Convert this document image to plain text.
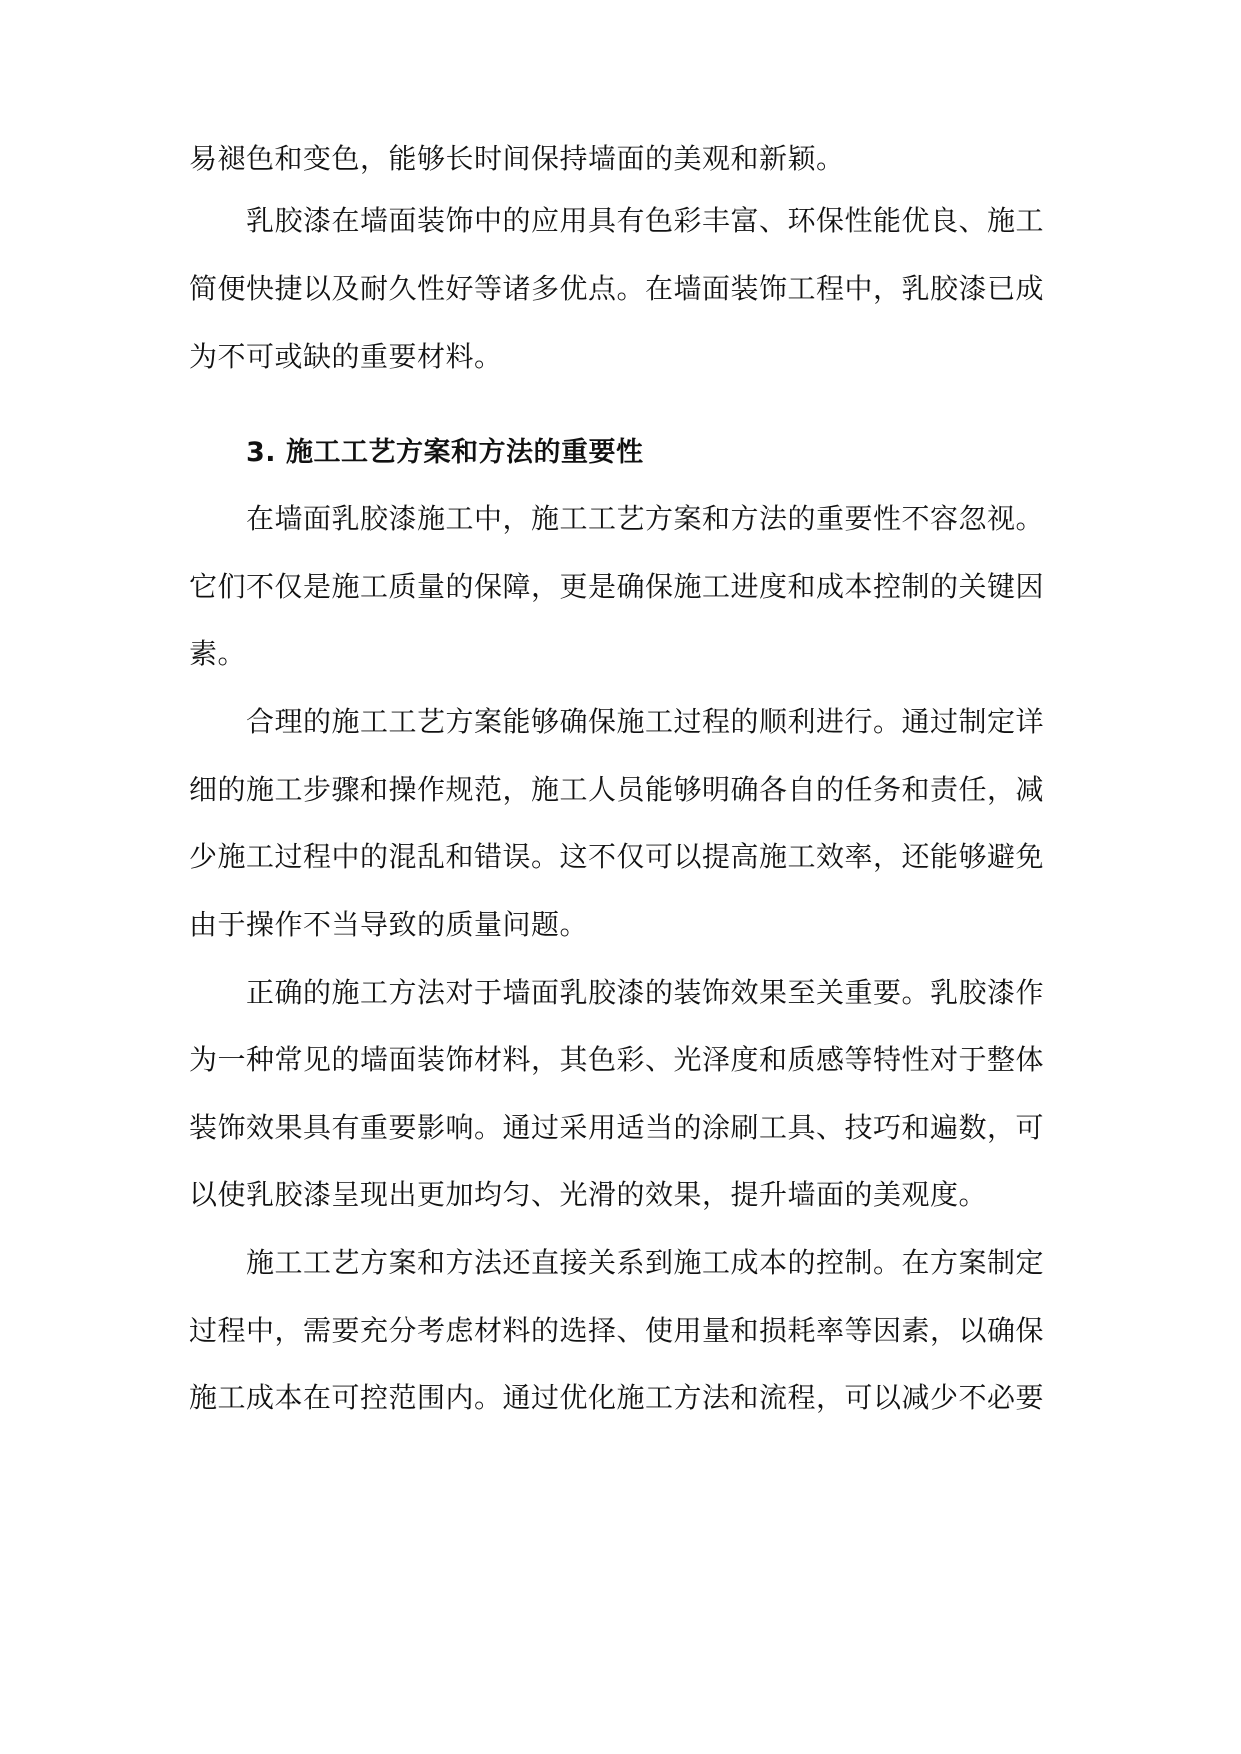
易褪色和变色，能够长时间保持墙面的美观和新颖。
乳胶漆在墙面装饰中的应用具有色彩丰富、环保性能优良、施工
简便快捷以及耐久性好等诸多优点。在墙面装饰工程中，乳胶漆已成
为不可或缺的重要材料。
3. 施工工艺方案和方法的重要性
在墙面乳胶漆施工中，施工工艺方案和方法的重要性不容忽视。
它们不仅是施工质量的保障，更是确保施工进度和成本控制的关键因
素。
合理的施工工艺方案能够确保施工过程的顺利进行。通过制定详
细的施工步骤和操作规范，施工人员能够明确各自的任务和责任，减
少施工过程中的混乱和错误。这不仅可以提高施工效率，还能够避免
由于操作不当导致的质量问题。
正确的施工方法对于墙面乳胶漆的装饰效果至关重要。乳胶漆作
为一种常见的墙面装饰材料，其色彩、光泽度和质感等特性对于整体
装饰效果具有重要影响。通过采用适当的涂刷工具、技巧和遍数，可
以使乳胶漆呈现出更加均匀、光滑的效果，提升墙面的美观度。
施工工艺方案和方法还直接关系到施工成本的控制。在方案制定
过程中，需要充分考虑材料的选择、使用量和损耗率等因素，以确保
施工成本在可控范围内。通过优化施工方法和流程，可以减少不必要
